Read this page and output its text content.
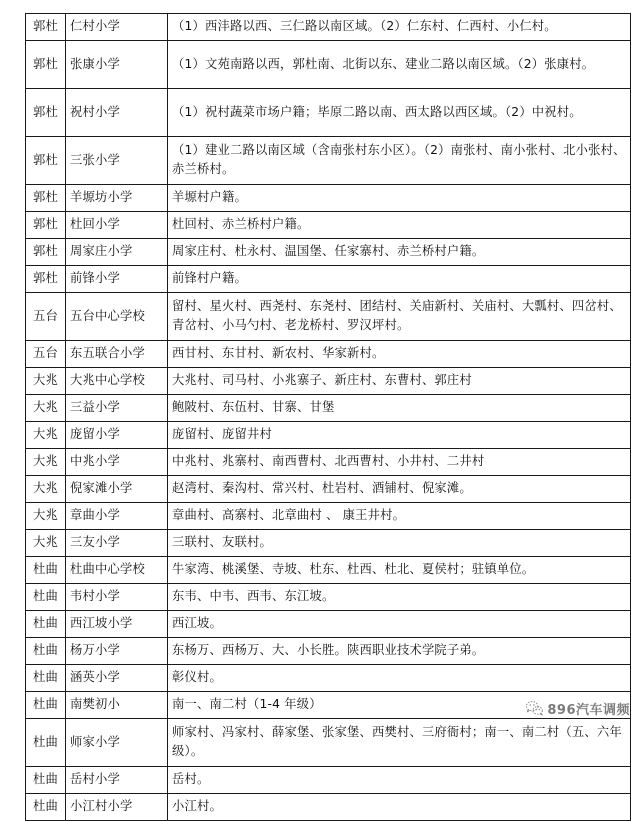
郭杜	仁村小学	（1）西沣路以西、三仁路以南区域。（2）仁东村、仁西村、小仁村。
郭杜	张康小学	（1）文苑南路以西，郭杜南、北街以东、建业二路以南区域。（2）张康村。
郭杜	祝村小学	（1）祝村蔬菜市场户籍；毕原二路以南、西太路以西区域。（2）中祝村。
郭杜	三张小学	（1）建业二路以南区域（含南张村东小区）。（2）南张村、南小张村、北小张村、赤兰桥村。
郭杜	羊塬坊小学	羊塬村户籍。
郭杜	杜回小学	杜回村、赤兰桥村户籍。
郭杜	周家庄小学	周家庄村、杜永村、温国堡、任家寨村、赤兰桥村户籍。
郭杜	前锋小学	前锋村户籍。
五台	五台中心学校	留村、星火村、西尧村、东尧村、团结村、关庙新村、关庙村、大瓢村、四岔村、青岔村、小马勺村、老龙桥村、罗汉坪村。
五台	东五联合小学	西甘村、东甘村、新农村、华家新村。
大兆	大兆中心学校	大兆村、司马村、小兆寨子、新庄村、东曹村、郭庄村
大兆	三益小学	鲍陂村、东伍村、甘寨、甘堡
大兆	庞留小学	庞留村、庞留井村
大兆	中兆小学	中兆村、兆寨村、南西曹村、北西曹村、小井村、二井村
大兆	倪家滩小学	赵湾村、秦沟村、常兴村、杜岩村、酒铺村、倪家滩。
大兆	章曲小学	章曲村、高寨村、北章曲村 、 康王井村。
大兆	三友小学	三联村、友联村。
杜曲	杜曲中心学校	牛家湾、桃溪堡、寺坡、杜东、杜西、杜北、夏侯村；驻镇单位。
杜曲	韦村小学	东韦、中韦、西韦、东江坡。
杜曲	西江坡小学	西江坡。
杜曲	杨万小学	东杨万、西杨万、大、小长胜。陕西职业技术学院子弟。
杜曲	涵英小学	彰仪村。
杜曲	南樊初小	南一、南二村（1-4 年级）
杜曲	师家小学	师家村、冯家村、薛家堡、张家堡、西樊村、三府衙村；南一、南二村（五、六年级）。
杜曲	岳村小学	岳村。
杜曲	小江村小学	小江村。
896汽车调频
